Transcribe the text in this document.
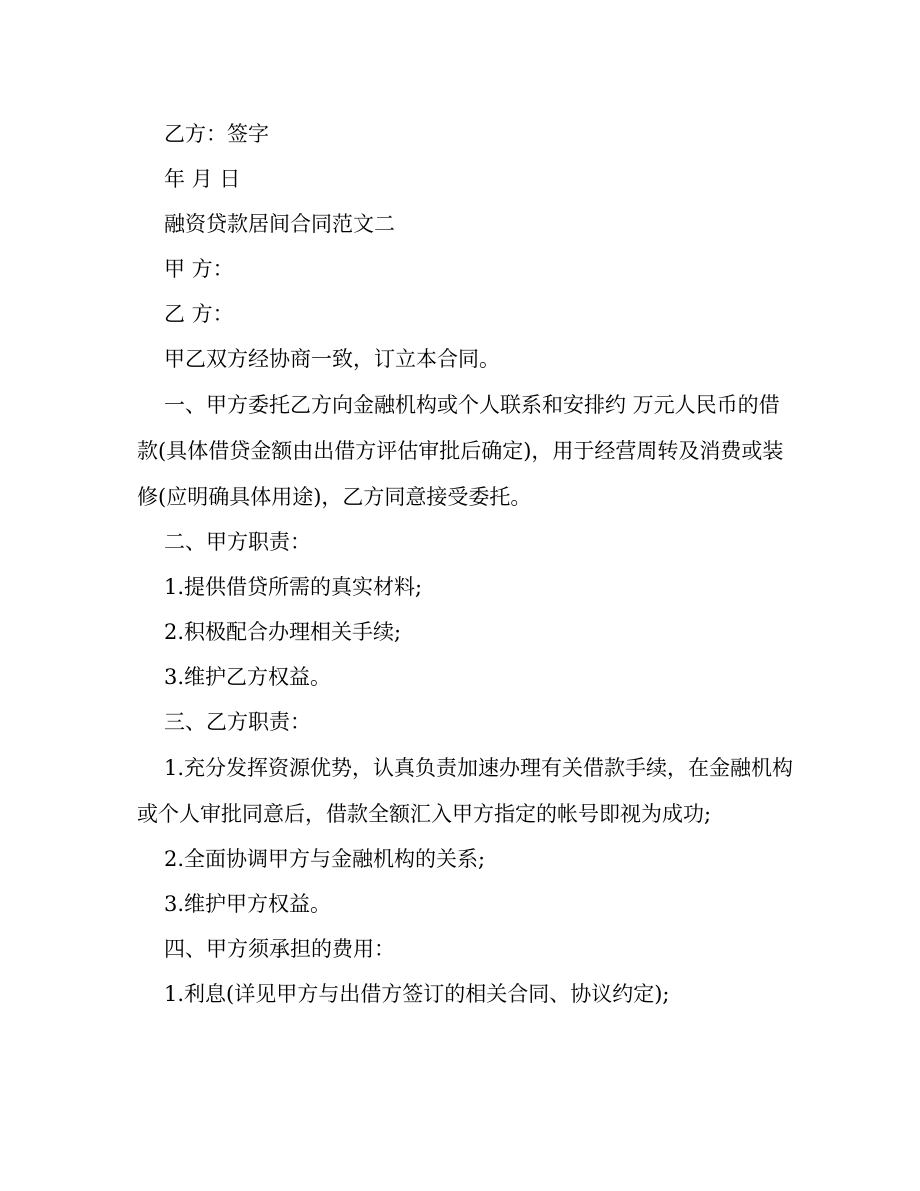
乙方：签字

年 月 日

融资贷款居间合同范文二

甲 方：

乙 方：

甲乙双方经协商一致，订立本合同。

一、甲方委托乙方向金融机构或个人联系和安排约 万元人民币的借款(具体借贷金额由出借方评估审批后确定)，用于经营周转及消费或装修(应明确具体用途)，乙方同意接受委托。

二、甲方职责：

1.提供借贷所需的真实材料;

2.积极配合办理相关手续;

3.维护乙方权益。

三、乙方职责：

1.充分发挥资源优势，认真负责加速办理有关借款手续，在金融机构或个人审批同意后，借款全额汇入甲方指定的帐号即视为成功;

2.全面协调甲方与金融机构的关系;

3.维护甲方权益。

四、甲方须承担的费用：

1.利息(详见甲方与出借方签订的相关合同、协议约定);
